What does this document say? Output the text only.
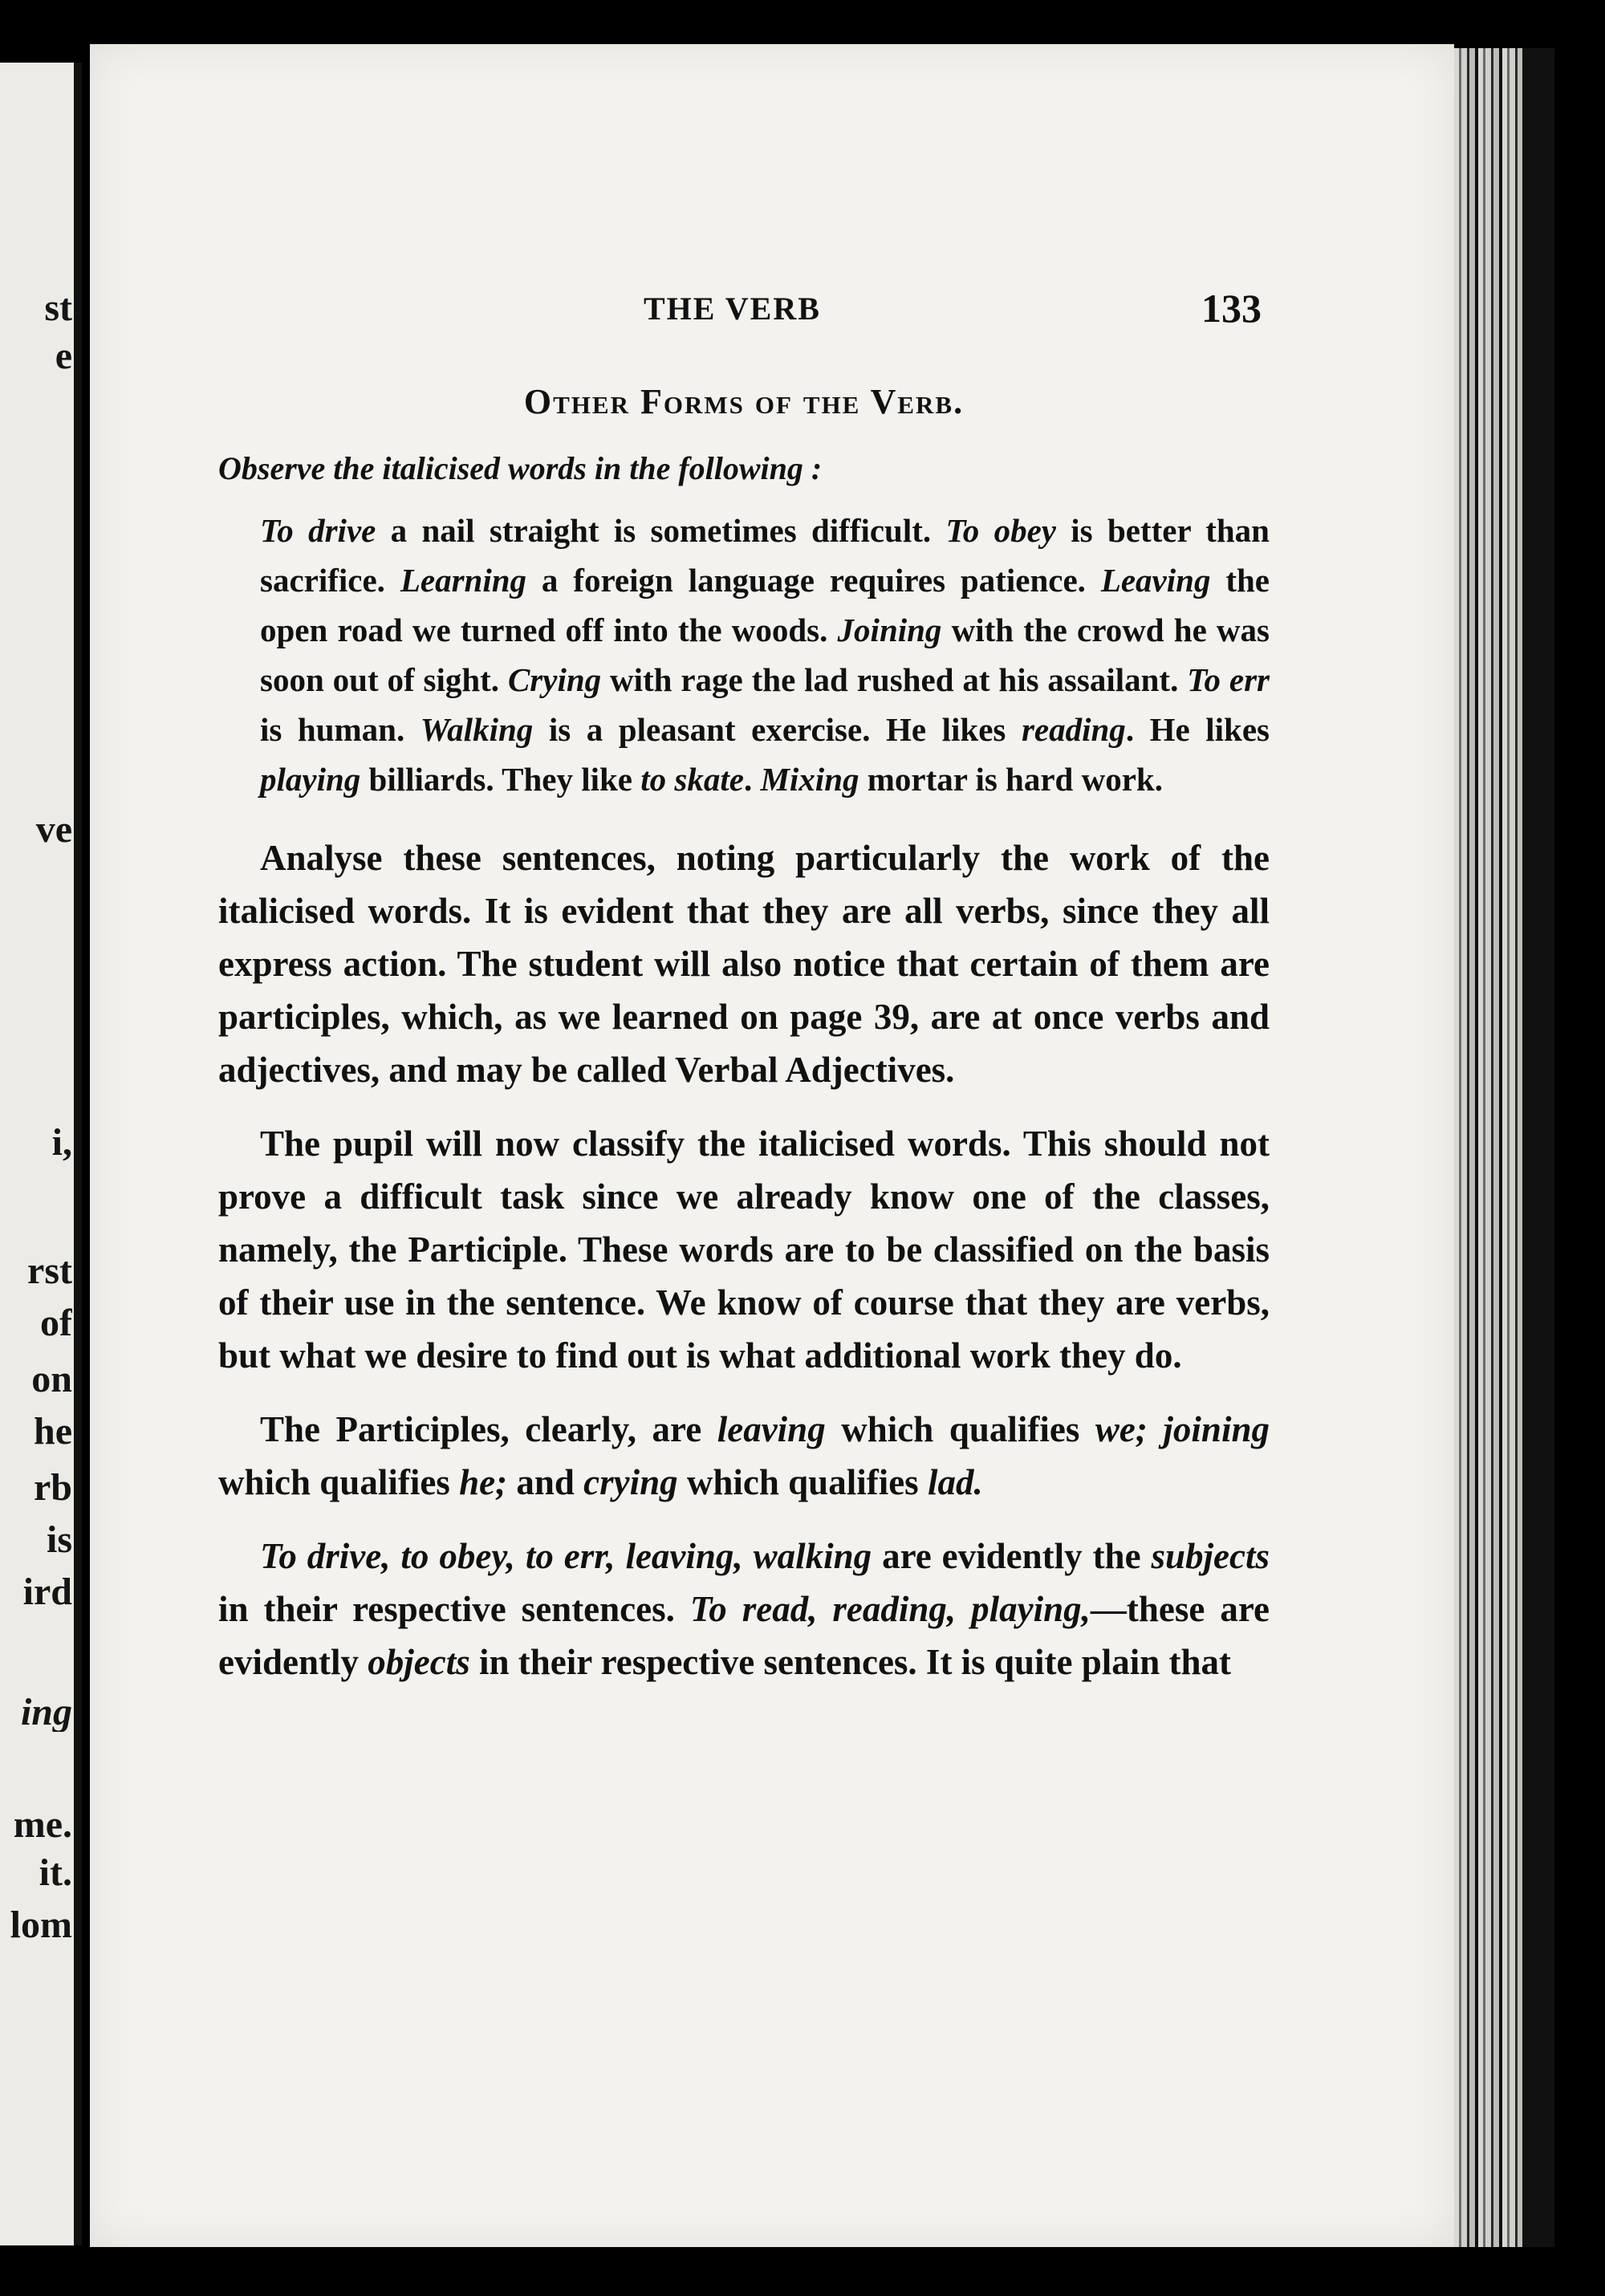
st
e
ve
i,
rst
of
on
he
rb
is
ird
ing
me.
it.
lom
THE VERB	133
Other Forms of the Verb.

Observe the italicised words in the following :

To drive a nail straight is sometimes difficult. To obey is better than sacrifice. Learning a foreign language requires patience. Leaving the open road we turned off into the woods. Joining with the crowd he was soon out of sight. Crying with rage the lad rushed at his assailant. To err is human. Walking is a pleasant exercise. He likes reading. He likes playing billiards. They like to skate. Mixing mortar is hard work.

Analyse these sentences, noting particularly the work of the italicised words. It is evident that they are all verbs, since they all express action. The student will also notice that certain of them are participles, which, as we learned on page 39, are at once verbs and adjectives, and may be called Verbal Adjectives.

The pupil will now classify the italicised words. This should not prove a difficult task since we already know one of the classes, namely, the Participle. These words are to be classified on the basis of their use in the sentence. We know of course that they are verbs, but what we desire to find out is what additional work they do.

The Participles, clearly, are leaving which qualifies we; joining which qualifies he; and crying which qualifies lad.

To drive, to obey, to err, leaving, walking are evidently the subjects in their respective sentences. To read, reading, playing,—these are evidently objects in their respective sentences. It is quite plain that
